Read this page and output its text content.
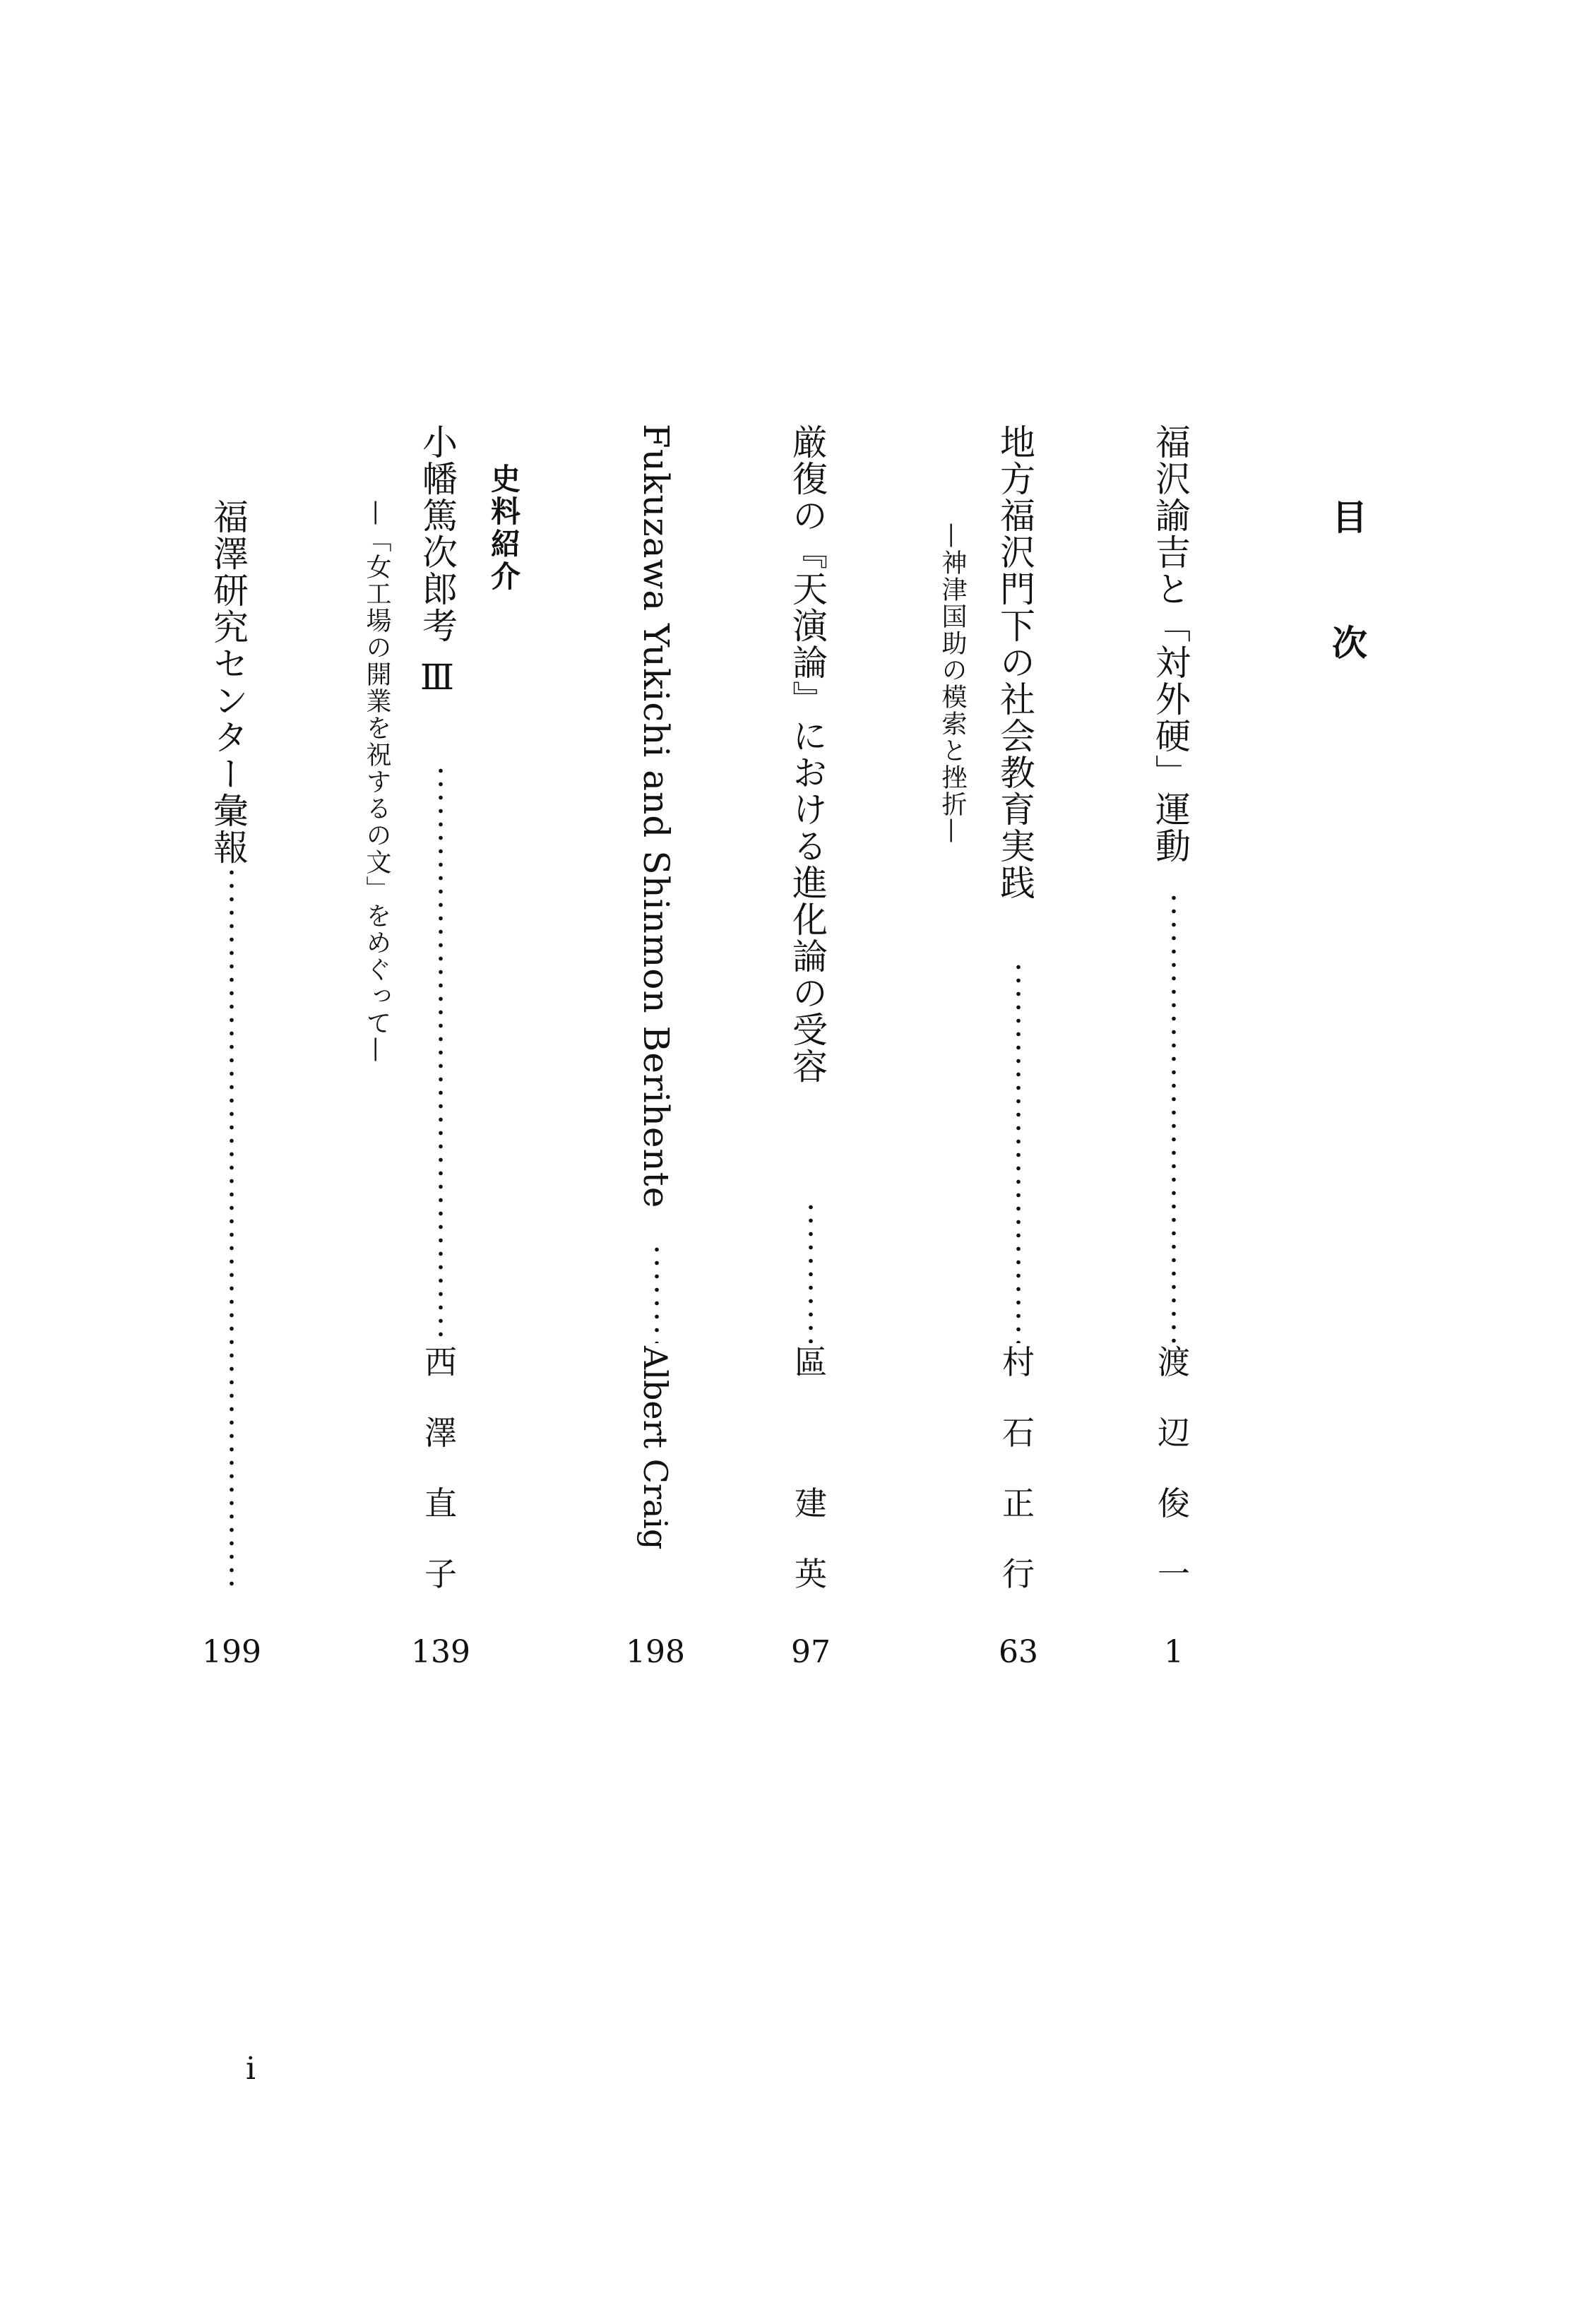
目
次
福沢諭吉と「対外硬」運動
渡
辺
俊
一
1
地方福沢門下の社会教育実践
—神津国助の模索と挫折—
村
石
正
行
63
厳復の『天演論』における進化論の受容
區
建
英
97
Fukuzawa Yukichi and Shinmon Berihente
Albert Craig
198
史料紹介
小幡篤次郎考 Ⅲ
—「女工場の開業を祝するの文」をめぐって—
西
澤
直
子
139
福澤研究センター彙報
199
i
